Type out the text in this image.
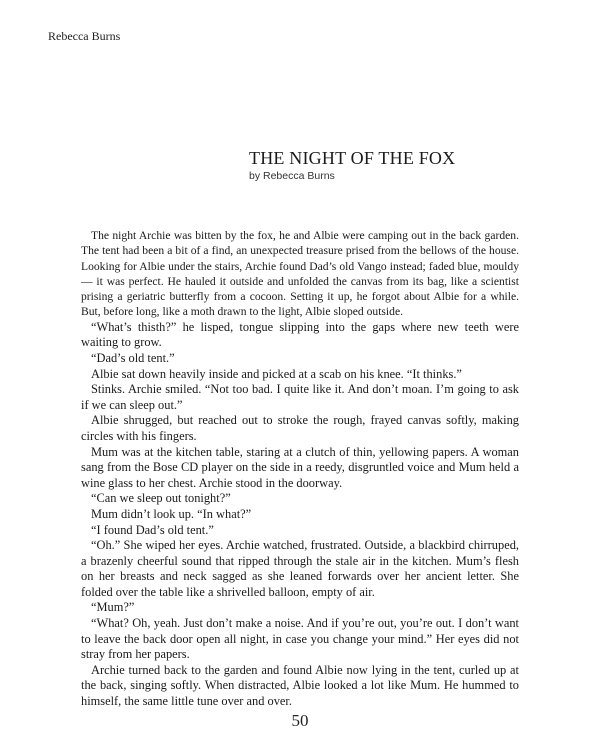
Rebecca Burns
THE NIGHT OF THE FOX
by Rebecca Burns

The night Archie was bitten by the fox, he and Albie were camping out in the back garden. The tent had been a bit of a find, an unexpected treasure prised from the bellows of the house. Looking for Albie under the stairs, Archie found Dad’s old Vango instead; faded blue, mouldy — it was perfect. He hauled it outside and unfolded the canvas from its bag, like a scientist prising a geriatric butterfly from a cocoon. Setting it up, he forgot about Albie for a while. But, before long, like a moth drawn to the light, Albie sloped outside.

“What’s thisth?” he lisped, tongue slipping into the gaps where new teeth were waiting to grow.

“Dad’s old tent.”

Albie sat down heavily inside and picked at a scab on his knee. “It thinks.”

Stinks. Archie smiled. “Not too bad. I quite like it. And don’t moan. I’m going to ask if we can sleep out.”

Albie shrugged, but reached out to stroke the rough, frayed canvas softly, making circles with his fingers.

Mum was at the kitchen table, staring at a clutch of thin, yellowing papers. A woman sang from the Bose CD player on the side in a reedy, disgruntled voice and Mum held a wine glass to her chest. Archie stood in the doorway.

“Can we sleep out tonight?”

Mum didn’t look up. “In what?”

“I found Dad’s old tent.”

“Oh.” She wiped her eyes. Archie watched, frustrated. Outside, a blackbird chirruped, a brazenly cheerful sound that ripped through the stale air in the kitchen. Mum’s flesh on her breasts and neck sagged as she leaned forwards over her ancient letter. She folded over the table like a shrivelled balloon, empty of air.

“Mum?”

“What? Oh, yeah. Just don’t make a noise. And if you’re out, you’re out. I don’t want to leave the back door open all night, in case you change your mind.” Her eyes did not stray from her papers.

Archie turned back to the garden and found Albie now lying in the tent, curled up at the back, singing softly. When distracted, Albie looked a lot like Mum. He hummed to himself, the same little tune over and over.

50
